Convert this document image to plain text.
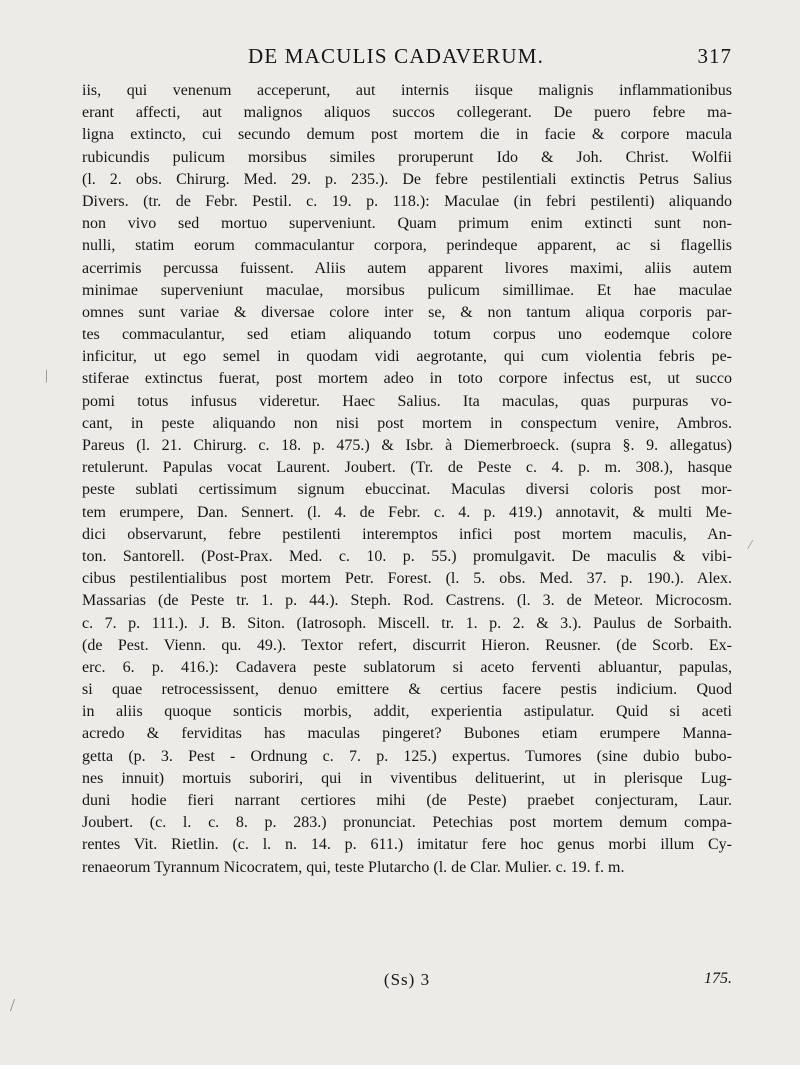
DE MACULIS CADAVERUM.	317
iis, qui venenum acceperunt, aut internis iisque malignis inflammationibus
erant affecti, aut malignos aliquos succos collegerant. De puero febre ma-
ligna extincto, cui secundo demum post mortem die in facie & corpore macula
rubicundis pulicum morsibus similes proruperunt Ido & Joh. Christ. Wolfii
(l. 2. obs. Chirurg. Med. 29. p. 235.). De febre pestilentiali extinctis Petrus Salius
Divers. (tr. de Febr. Pestil. c. 19. p. 118.): Maculae (in febri pestilenti) aliquando
non vivo sed mortuo superveniunt. Quam primum enim extincti sunt non-
nulli, statim eorum commaculantur corpora, perindeque apparent, ac si flagellis
acerrimis percussa fuissent. Aliis autem apparent livores maximi, aliis autem
minimae superveniunt maculae, morsibus pulicum simillimae. Et hae maculae
omnes sunt variae & diversae colore inter se, & non tantum aliqua corporis par-
tes commaculantur, sed etiam aliquando totum corpus uno eodemque colore
inficitur, ut ego semel in quodam vidi aegrotante, qui cum violentia febris pe-
stiferae extinctus fuerat, post mortem adeo in toto corpore infectus est, ut succo
pomi totus infusus videretur. Haec Salius. Ita maculas, quas purpuras vo-
cant, in peste aliquando non nisi post mortem in conspectum venire, Ambros.
Pareus (l. 21. Chirurg. c. 18. p. 475.) & Isbr. à Diemerbroeck. (supra §. 9. allegatus)
retulerunt. Papulas vocat Laurent. Joubert. (Tr. de Peste c. 4. p. m. 308.), hasque
peste sublati certissimum signum ebuccinat. Maculas diversi coloris post mor-
tem erumpere, Dan. Sennert. (l. 4. de Febr. c. 4. p. 419.) annotavit, & multi Me-
dici observarunt, febre pestilenti interemptos infici post mortem maculis, An-
ton. Santorell. (Post-Prax. Med. c. 10. p. 55.) promulgavit. De maculis & vibi-
cibus pestilentialibus post mortem Petr. Forest. (l. 5. obs. Med. 37. p. 190.). Alex.
Massarias (de Peste tr. 1. p. 44.). Steph. Rod. Castrens. (l. 3. de Meteor. Microcosm.
c. 7. p. 111.). J. B. Siton. (Iatrosoph. Miscell. tr. 1. p. 2. & 3.). Paulus de Sorbaith.
(de Pest. Vienn. qu. 49.). Textor refert, discurrit Hieron. Reusner. (de Scorb. Ex-
erc. 6. p. 416.): Cadavera peste sublatorum si aceto ferventi abluantur, papulas,
si quae retrocessissent, denuo emittere & certius facere pestis indicium. Quod
in aliis quoque sonticis morbis, addit, experientia astipulatur. Quid si aceti
acredo & ferviditas has maculas pingeret? Bubones etiam erumpere Manna-
getta (p. 3. Pest - Ordnung c. 7. p. 125.) expertus. Tumores (sine dubio bubo-
nes innuit) mortuis suboriri, qui in viventibus delituerint, ut in plerisque Lug-
duni hodie fieri narrant certiores mihi (de Peste) praebet conjecturam, Laur.
Joubert. (c. l. c. 8. p. 283.) pronunciat. Petechias post mortem demum compa-
rentes Vit. Rietlin. (c. l. n. 14. p. 611.) imitatur fere hoc genus morbi illum Cy-
renaeorum Tyrannum Nicocratem, qui, teste Plutarcho (l. de Clar. Mulier. c. 19. f. m.
(Ss) 3	175.
/
/
/
